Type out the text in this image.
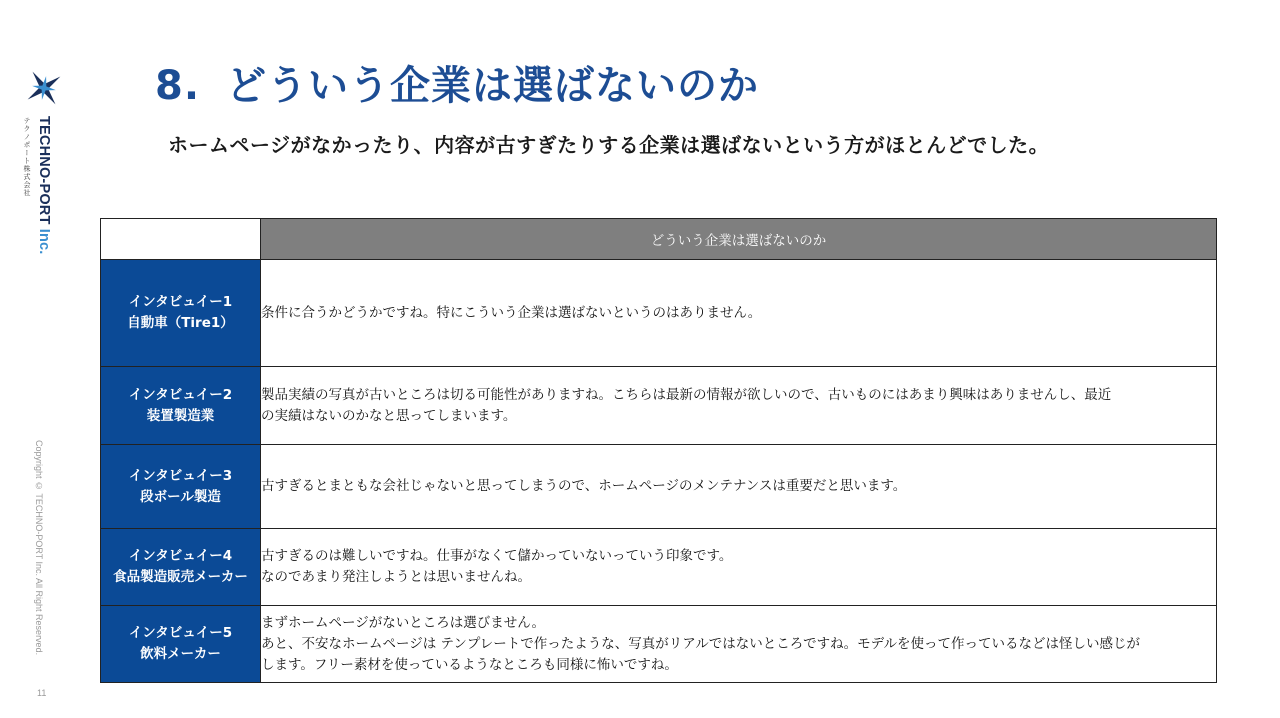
TECHNO-PORT Inc.
テクノポート株式会社
Copyright © TECHNO-PORT Inc. All Right Reserved.
11
8. どういう企業は選ばないのか
ホームページがなかったり、内容が古すぎたりする企業は選ばないという方がほとんどでした。
	どういう企業は選ばないのか

インタビュイー1
自動車（Tire1）	条件に合うかどうかですね。特にこういう企業は選ばないというのはありません。

インタビュイー2
装置製造業	製品実績の写真が古いところは切る可能性がありますね。こちらは最新の情報が欲しいので、古いものにはあまり興味はありませんし、最近
の実績はないのかなと思ってしまいます。

インタビュイー3
段ボール製造	古すぎるとまともな会社じゃないと思ってしまうので、ホームページのメンテナンスは重要だと思います。

インタビュイー4
食品製造販売メーカー	古すぎるのは難しいですね。仕事がなくて儲かっていないっていう印象です。
なのであまり発注しようとは思いませんね。

インタビュイー5
飲料メーカー	まずホームページがないところは選びません。
あと、不安なホームページは テンプレートで作ったような、写真がリアルではないところですね。モデルを使って作っているなどは怪しい感じが
します。フリー素材を使っているようなところも同様に怖いですね。
